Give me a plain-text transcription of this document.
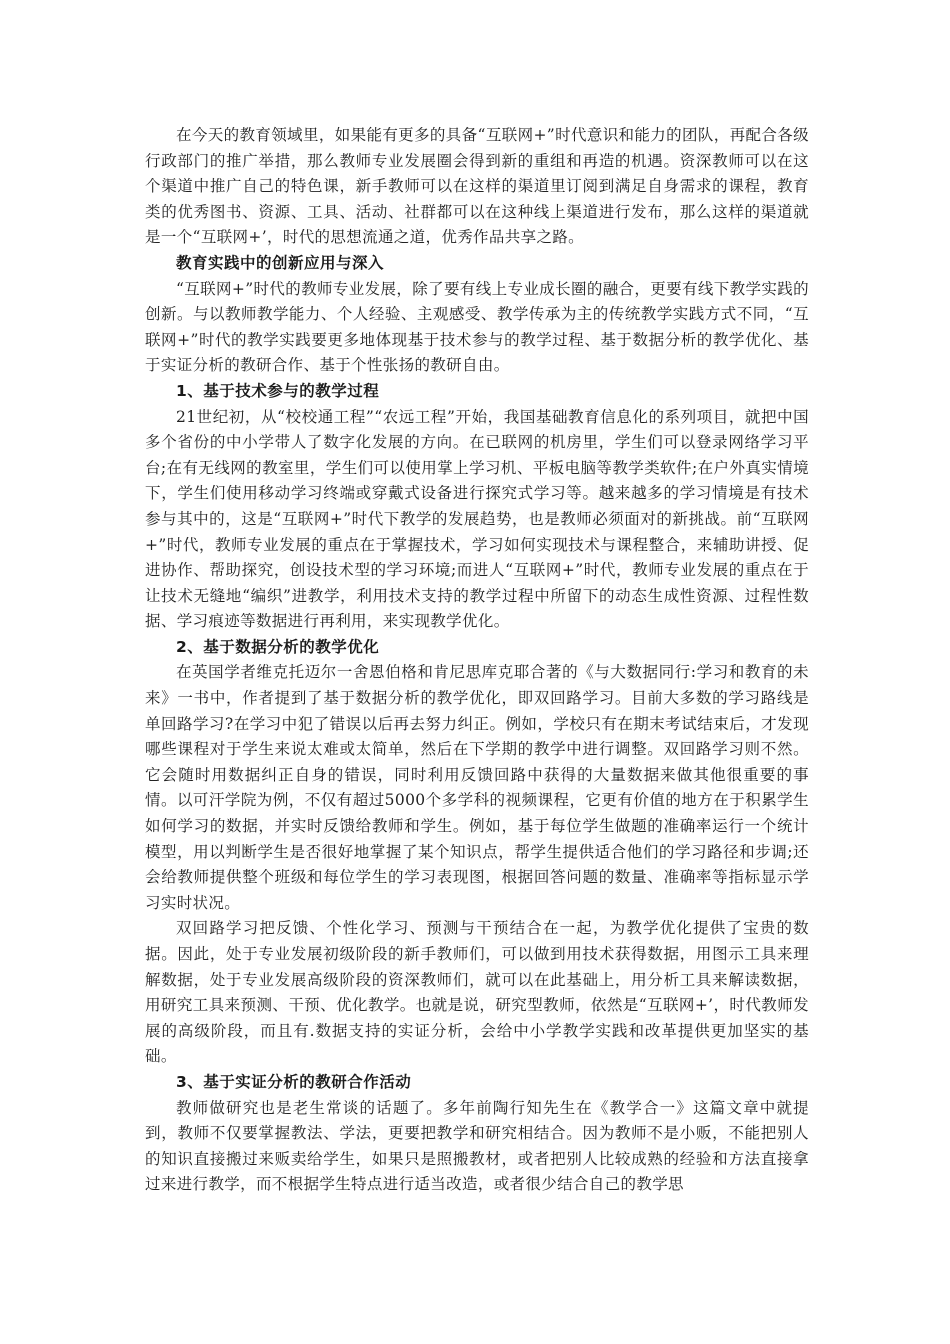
在今天的教育领域里，如果能有更多的具备“互联网+”时代意识和能力的团队，再配合各级行政部门的推广举措，那么教师专业发展圈会得到新的重组和再造的机遇。资深教师可以在这个渠道中推广自己的特色课，新手教师可以在这样的渠道里订阅到满足自身需求的课程，教育类的优秀图书、资源、工具、活动、社群都可以在这种线上渠道进行发布，那么这样的渠道就是一个“互联网+’，时代的思想流通之道，优秀作品共享之路。

教育实践中的创新应用与深入

“互联网+”时代的教师专业发展，除了要有线上专业成长圈的融合，更要有线下教学实践的创新。与以教师教学能力、个人经验、主观感受、教学传承为主的传统教学实践方式不同，“互联网+”时代的教学实践要更多地体现基于技术参与的教学过程、基于数据分析的教学优化、基于实证分析的教研合作、基于个性张扬的教研自由。

1、基于技术参与的教学过程

21世纪初，从“校校通工程”“农远工程”开始，我国基础教育信息化的系列项目，就把中国多个省份的中小学带人了数字化发展的方向。在已联网的机房里，学生们可以登录网络学习平台;在有无线网的教室里，学生们可以使用掌上学习机、平板电脑等教学类软件;在户外真实情境下，学生们使用移动学习终端或穿戴式设备进行探究式学习等。越来越多的学习情境是有技术参与其中的，这是“互联网+”时代下教学的发展趋势，也是教师必须面对的新挑战。前“互联网+”时代，教师专业发展的重点在于掌握技术，学习如何实现技术与课程整合，来辅助讲授、促进协作、帮助探究，创设技术型的学习环境;而进人“互联网+”时代，教师专业发展的重点在于让技术无缝地“编织”进教学，利用技术支持的教学过程中所留下的动态生成性资源、过程性数据、学习痕迹等数据进行再利用，来实现教学优化。

2、基于数据分析的教学优化

在英国学者维克托迈尔一舍恩伯格和肯尼思库克耶合著的《与大数据同行:学习和教育的未来》一书中，作者提到了基于数据分析的教学优化，即双回路学习。目前大多数的学习路线是单回路学习?在学习中犯了错误以后再去努力纠正。例如，学校只有在期末考试结束后，才发现哪些课程对于学生来说太难或太简单，然后在下学期的教学中进行调整。双回路学习则不然。它会随时用数据纠正自身的错误，同时利用反馈回路中获得的大量数据来做其他很重要的事情。以可汗学院为例，不仅有超过5000个多学科的视频课程，它更有价值的地方在于积累学生如何学习的数据，并实时反馈给教师和学生。例如，基于每位学生做题的准确率运行一个统计模型，用以判断学生是否很好地掌握了某个知识点，帮学生提供适合他们的学习路径和步调;还会给教师提供整个班级和每位学生的学习表现图，根据回答问题的数量、准确率等指标显示学习实时状况。

双回路学习把反馈、个性化学习、预测与干预结合在一起，为教学优化提供了宝贵的数据。因此，处于专业发展初级阶段的新手教师们，可以做到用技术获得数据，用图示工具来理解数据，处于专业发展高级阶段的资深教师们，就可以在此基础上，用分析工具来解读数据，用研究工具来预测、干预、优化教学。也就是说，研究型教师，依然是“互联网+’，时代教师发展的高级阶段，而且有.数据支持的实证分析，会给中小学教学实践和改革提供更加坚实的基础。

3、基于实证分析的教研合作活动

教师做研究也是老生常谈的话题了。多年前陶行知先生在《教学合一》这篇文章中就提到，教师不仅要掌握教法、学法，更要把教学和研究相结合。因为教师不是小贩，不能把别人的知识直接搬过来贩卖给学生，如果只是照搬教材，或者把别人比较成熟的经验和方法直接拿过来进行教学，而不根据学生特点进行适当改造，或者很少结合自己的教学思
